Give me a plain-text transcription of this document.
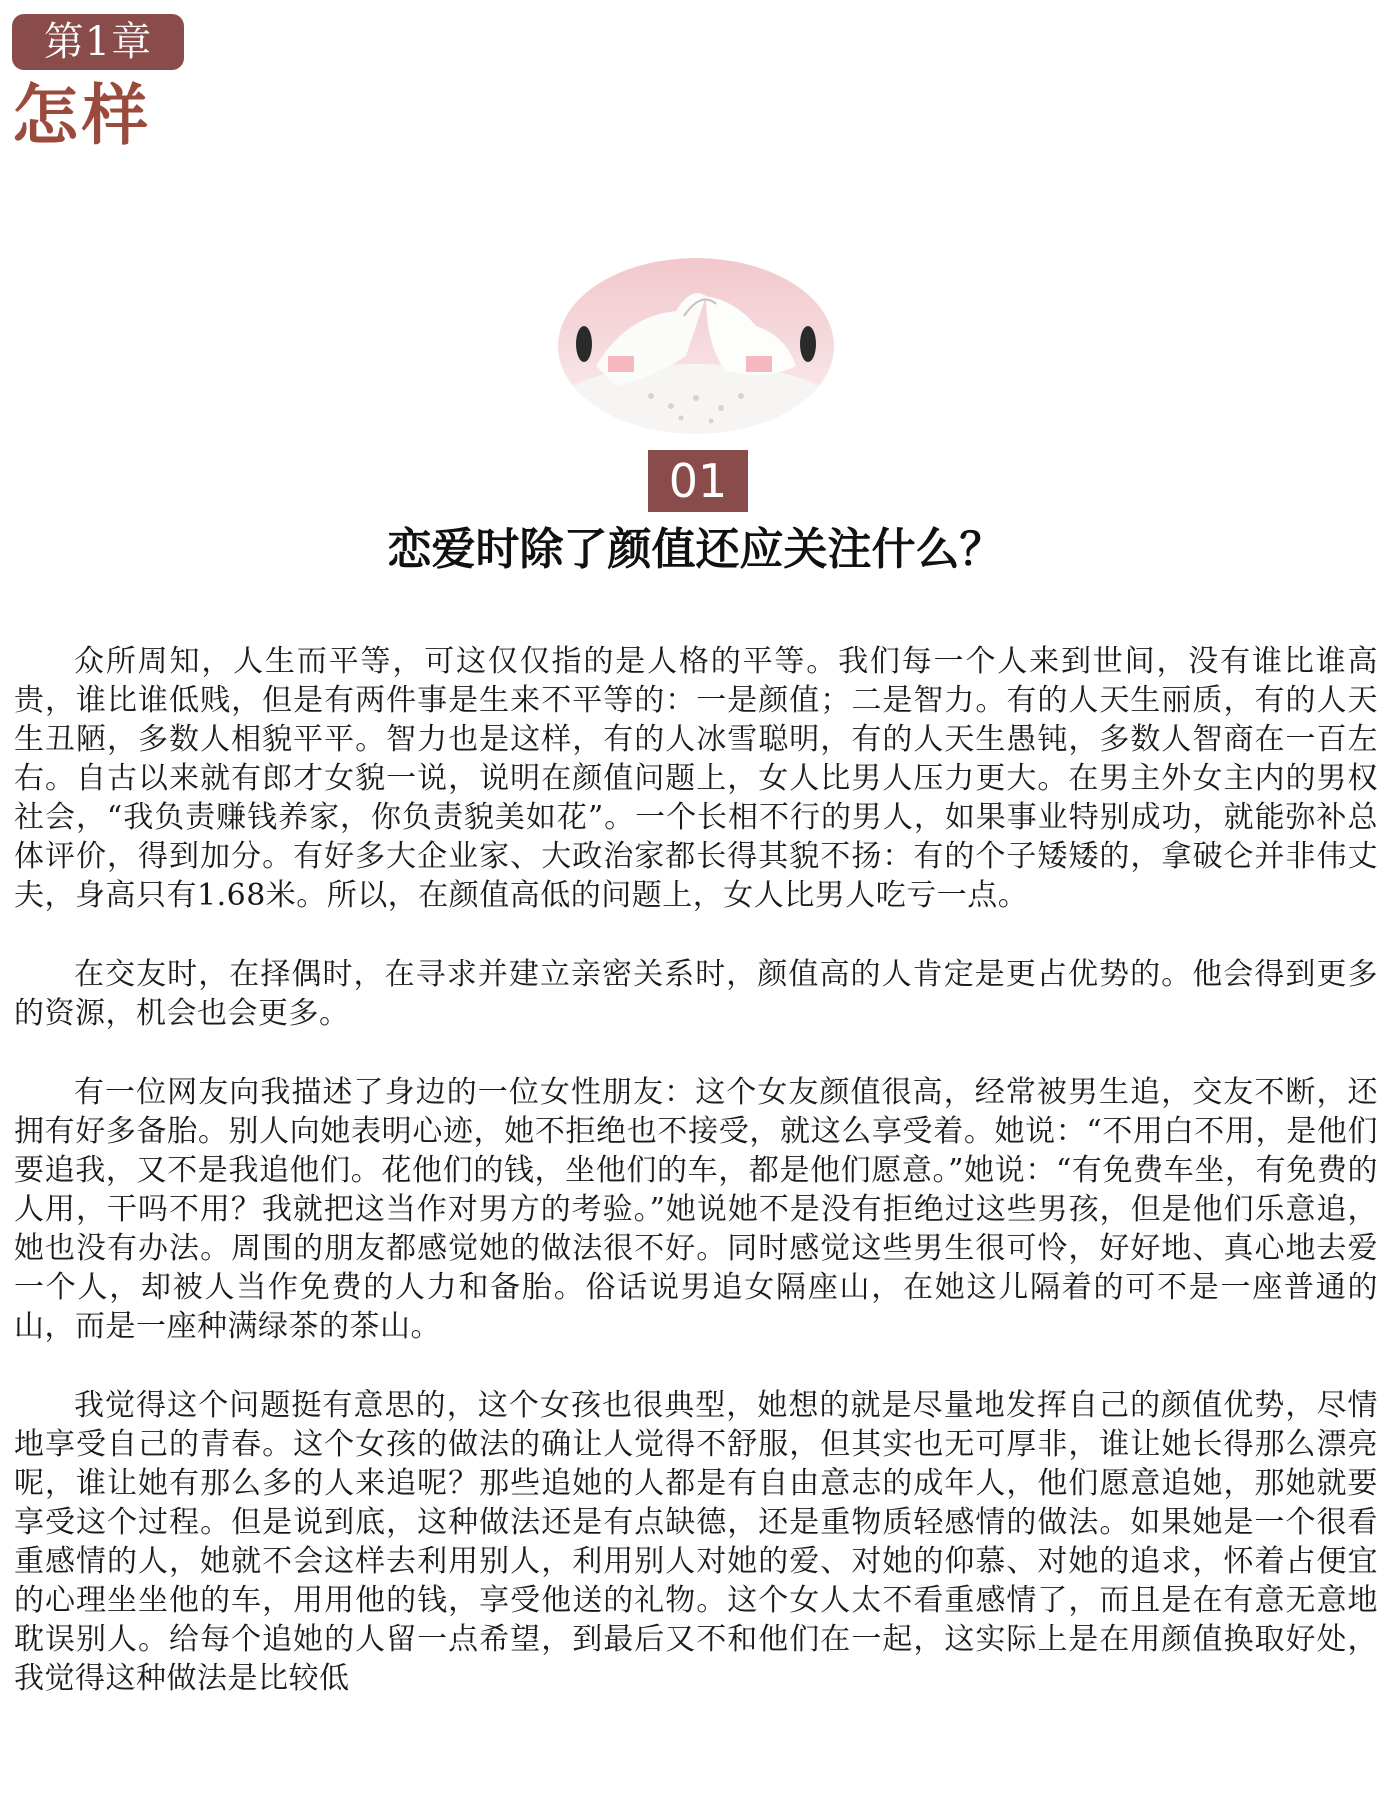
第1章
怎样
01
恋爱时除了颜值还应关注什么？

众所周知，人生而平等，可这仅仅指的是人格的平等。我们每一个人来到世间，没有谁比谁高贵，谁比谁低贱，但是有两件事是生来不平等的：一是颜值；二是智力。有的人天生丽质，有的人天生丑陋，多数人相貌平平。智力也是这样，有的人冰雪聪明，有的人天生愚钝，多数人智商在一百左右。自古以来就有郎才女貌一说，说明在颜值问题上，女人比男人压力更大。在男主外女主内的男权社会，“我负责赚钱养家，你负责貌美如花”。一个长相不行的男人，如果事业特别成功，就能弥补总体评价，得到加分。有好多大企业家、大政治家都长得其貌不扬：有的个子矮矮的，拿破仑并非伟丈夫，身高只有1.68米。所以，在颜值高低的问题上，女人比男人吃亏一点。

在交友时，在择偶时，在寻求并建立亲密关系时，颜值高的人肯定是更占优势的。他会得到更多的资源，机会也会更多。

有一位网友向我描述了身边的一位女性朋友：这个女友颜值很高，经常被男生追，交友不断，还拥有好多备胎。别人向她表明心迹，她不拒绝也不接受，就这么享受着。她说：“不用白不用，是他们要追我，又不是我追他们。花他们的钱，坐他们的车，都是他们愿意。”她说：“有免费车坐，有免费的人用，干吗不用？我就把这当作对男方的考验。”她说她不是没有拒绝过这些男孩，但是他们乐意追，她也没有办法。周围的朋友都感觉她的做法很不好。同时感觉这些男生很可怜，好好地、真心地去爱一个人，却被人当作免费的人力和备胎。俗话说男追女隔座山，在她这儿隔着的可不是一座普通的山，而是一座种满绿茶的茶山。

我觉得这个问题挺有意思的，这个女孩也很典型，她想的就是尽量地发挥自己的颜值优势，尽情地享受自己的青春。这个女孩的做法的确让人觉得不舒服，但其实也无可厚非，谁让她长得那么漂亮呢，谁让她有那么多的人来追呢？那些追她的人都是有自由意志的成年人，他们愿意追她，那她就要享受这个过程。但是说到底，这种做法还是有点缺德，还是重物质轻感情的做法。如果她是一个很看重感情的人，她就不会这样去利用别人，利用别人对她的爱、对她的仰慕、对她的追求，怀着占便宜的心理坐坐他的车，用用他的钱，享受他送的礼物。这个女人太不看重感情了，而且是在有意无意地耽误别人。给每个追她的人留一点希望，到最后又不和他们在一起，这实际上是在用颜值换取好处，我觉得这种做法是比较低
